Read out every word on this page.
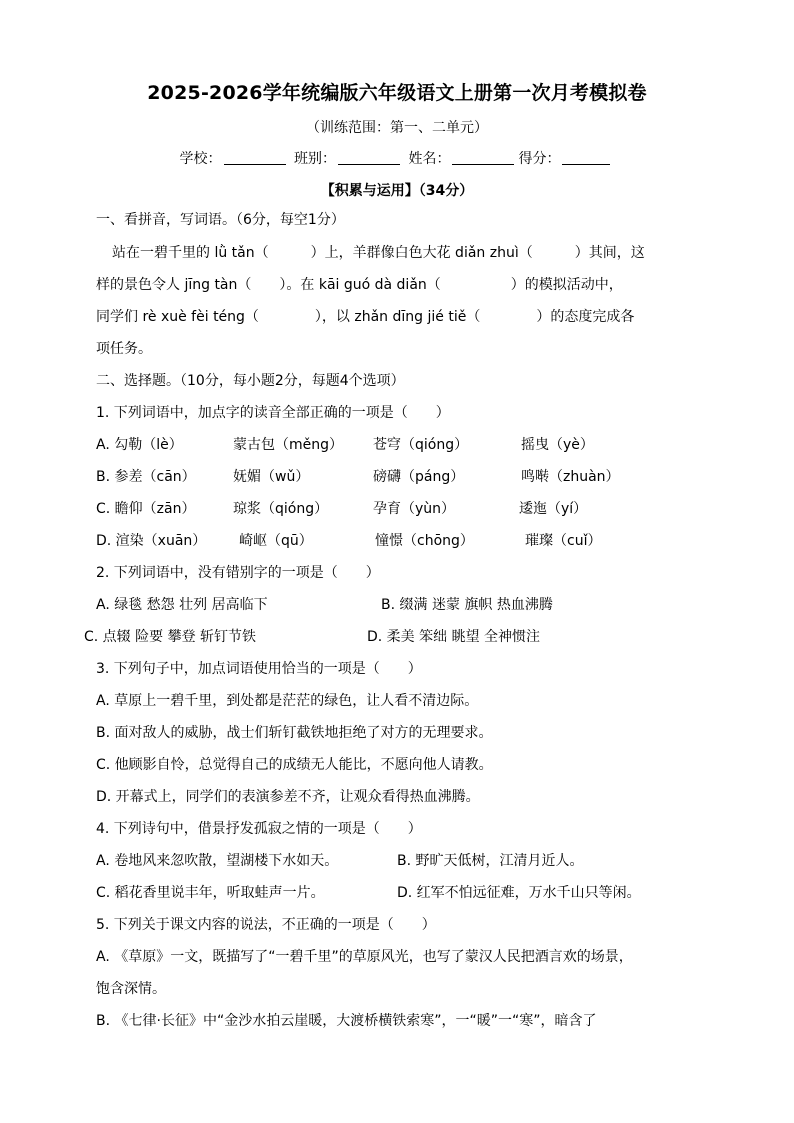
2025-2026学年统编版六年级语文上册第一次月考模拟卷
（训练范围：第一、二单元）
学校：	班别：	姓名：	得分：
【积累与运用】（34分）
一、看拼音，写词语。（6分，每空1分）
站在一碧千里的 lǜ tǎn（　　　）上，羊群像白色大花 diǎn zhuì（　　　）其间，这
样的景色令人 jīng tàn（　　）。在 kāi guó dà diǎn（　　　　　）的模拟活动中，
同学们 rè xuè fèi téng（　　　　），以 zhǎn dīng jié tiě（　　　　）的态度完成各
项任务。
二、选择题。（10分，每小题2分，每题4个选项）
1. 下列词语中，加点字的读音全部正确的一项是（　　）
A. 勾勒（lè）	蒙古包（měng） 苍穹（qióng）	摇曳（yè）
B. 参差（cān）	妩媚（wǔ）	磅礴（páng）	鸣啭（zhuàn）
C. 瞻仰（zān）	琼浆（qióng）	孕育（yùn）	逶迤（yí）
D. 渲染（xuān） 崎岖（qū）	憧憬（chōng）	璀璨（cuǐ）
2. 下列词语中，没有错别字的一项是（　　）
A. 绿毯 愁怨 壮列 居高临下	B. 缀满 迷蒙 旗帜 热血沸腾
C. 点辍 险要 攀登 斩钉节铁	D. 柔美 笨绌 眺望 全神惯注
3. 下列句子中，加点词语使用恰当的一项是（　　）
A. 草原上一碧千里，到处都是茫茫的绿色，让人看不清边际。
B. 面对敌人的威胁，战士们斩钉截铁地拒绝了对方的无理要求。
C. 他顾影自怜，总觉得自己的成绩无人能比，不愿向他人请教。
D. 开幕式上，同学们的表演参差不齐，让观众看得热血沸腾。
4. 下列诗句中，借景抒发孤寂之情的一项是（　　）
A. 卷地风来忽吹散，望湖楼下水如天。	B. 野旷天低树，江清月近人。
C. 稻花香里说丰年，听取蛙声一片。	D. 红军不怕远征难，万水千山只等闲。
5. 下列关于课文内容的说法，不正确的一项是（　　）
A. 《草原》一文，既描写了“一碧千里”的草原风光，也写了蒙汉人民把酒言欢的场景，
饱含深情。
B. 《七律·长征》中“金沙水拍云崖暖，大渡桥横铁索寒”，一“暖”一“寒”，暗含了
